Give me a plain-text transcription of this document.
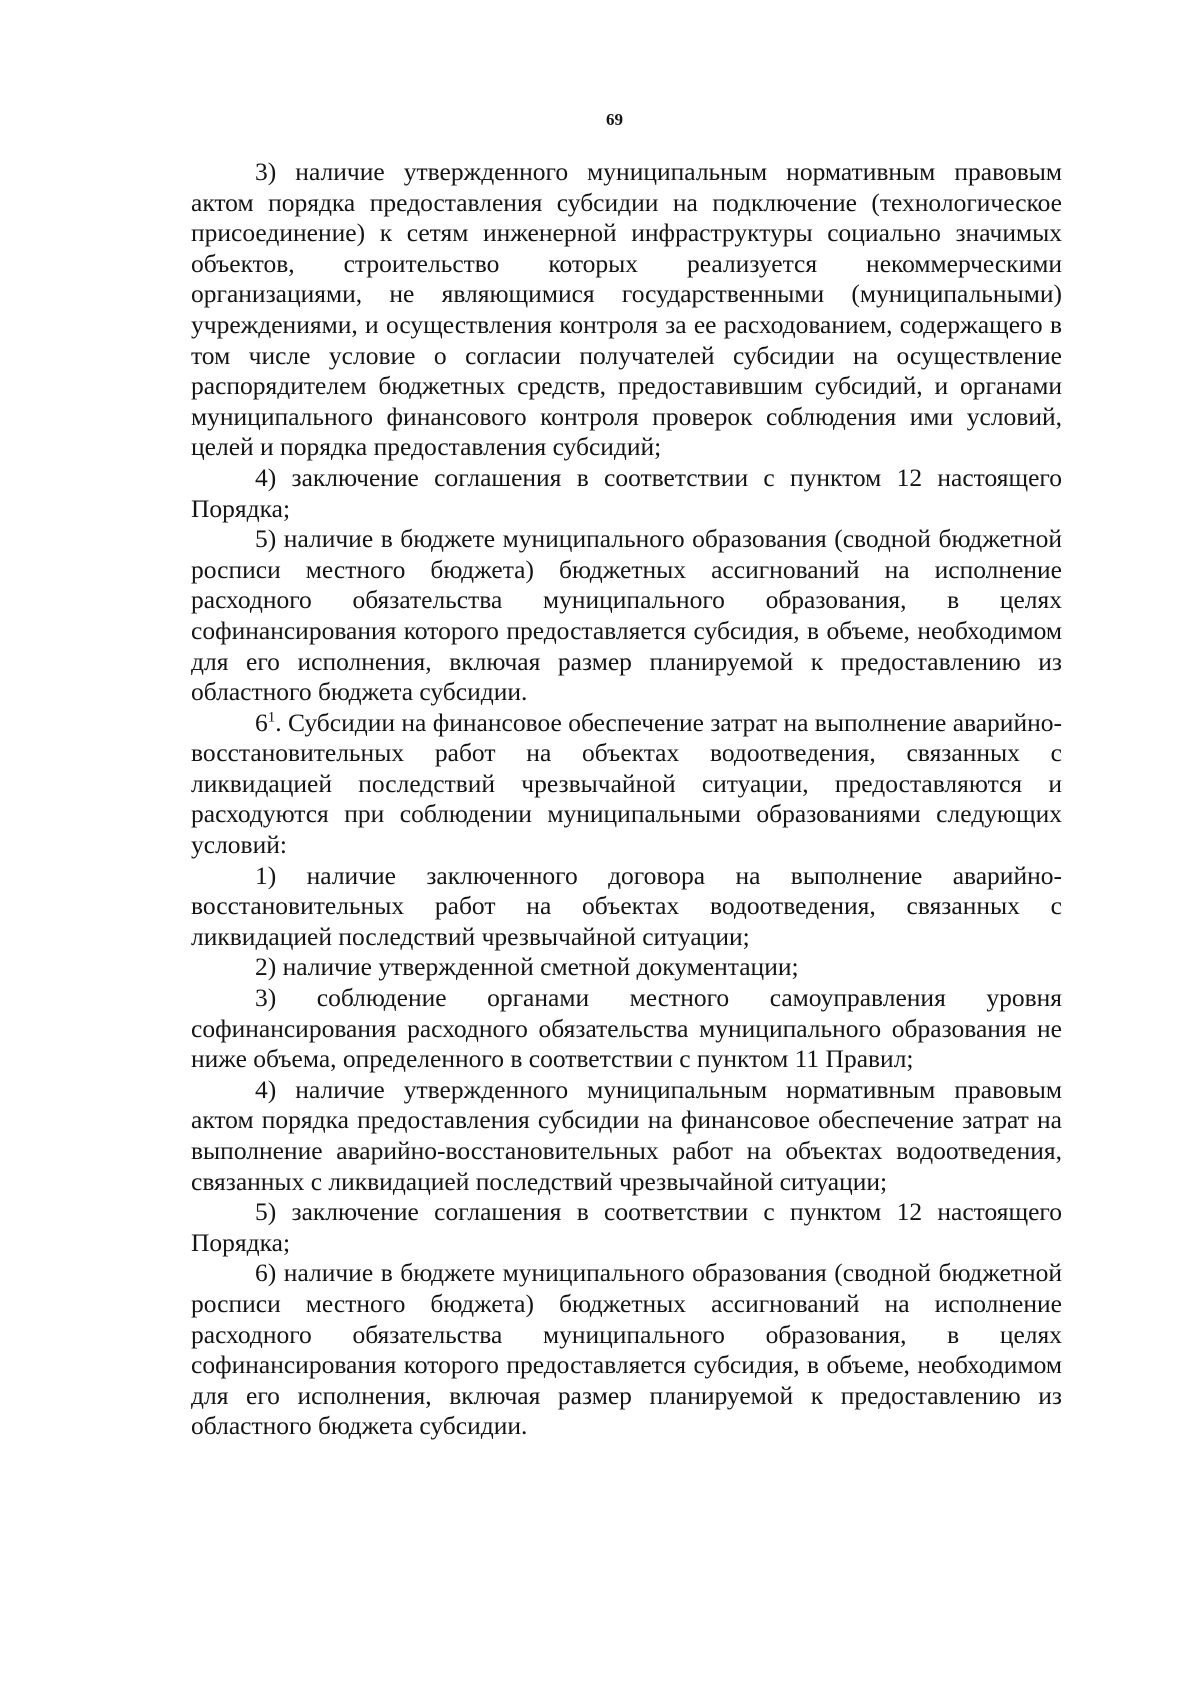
69

3) наличие утвержденного муниципальным нормативным правовым актом порядка предоставления субсидии на подключение (технологическое присоединение) к сетям инженерной инфраструктуры социально значимых объектов, строительство которых реализуется некоммерческими организациями, не являющимися государственными (муниципальными) учреждениями, и осуществления контроля за ее расходованием, содержащего в том числе условие о согласии получателей субсидии на осуществление распорядителем бюджетных средств, предоставившим субсидий, и органами муниципального финансового контроля проверок соблюдения ими условий, целей и порядка предоставления субсидий;

4) заключение соглашения в соответствии с пунктом 12 настоящего Порядка;

5) наличие в бюджете муниципального образования (сводной бюджетной росписи местного бюджета) бюджетных ассигнований на исполнение расходного обязательства муниципального образования, в целях софинансирования которого предоставляется субсидия, в объеме, необходимом для его исполнения, включая размер планируемой к предоставлению из областного бюджета субсидии.

$6^1$. Субсидии на финансовое обеспечение затрат на выполнение аварийно-восстановительных работ на объектах водоотведения, связанных с ликвидацией последствий чрезвычайной ситуации, предоставляются и расходуются при соблюдении муниципальными образованиями следующих условий:

1) наличие заключенного договора на выполнение аварийно-восстановительных работ на объектах водоотведения, связанных с ликвидацией последствий чрезвычайной ситуации;

2) наличие утвержденной сметной документации;

3) соблюдение органами местного самоуправления уровня софинансирования расходного обязательства муниципального образования не ниже объема, определенного в соответствии с пунктом 11 Правил;

4) наличие утвержденного муниципальным нормативным правовым актом порядка предоставления субсидии на финансовое обеспечение затрат на выполнение аварийно-восстановительных работ на объектах водоотведения, связанных с ликвидацией последствий чрезвычайной ситуации;

5) заключение соглашения в соответствии с пунктом 12 настоящего Порядка;

6) наличие в бюджете муниципального образования (сводной бюджетной росписи местного бюджета) бюджетных ассигнований на исполнение расходного обязательства муниципального образования, в целях софинансирования которого предоставляется субсидия, в объеме, необходимом для его исполнения, включая размер планируемой к предоставлению из областного бюджета субсидии.
